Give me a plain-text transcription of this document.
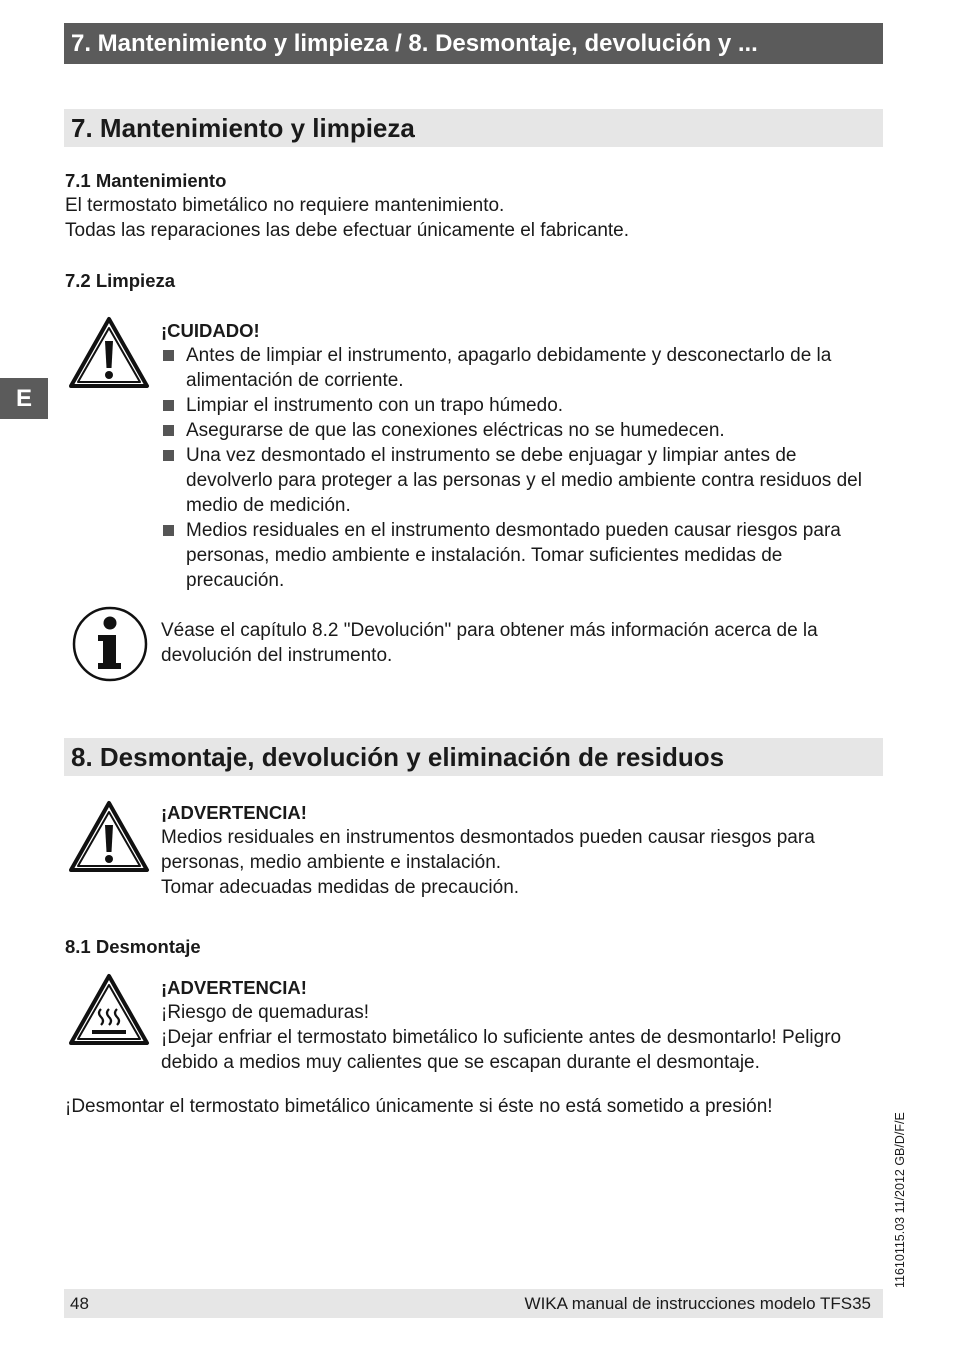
7. Mantenimiento y limpieza / 8. Desmontaje, devolución y ...
E
7. Mantenimiento y limpieza
7.1 Mantenimiento
El termostato bimetálico no requiere mantenimiento.
Todas las reparaciones las debe efectuar únicamente el fabricante.
7.2 Limpieza
¡CUIDADO!
Antes de limpiar el instrumento, apagarlo debidamente y desconectarlo de la alimentación de corriente.
Limpiar el instrumento con un trapo húmedo.
Asegurarse de que las conexiones eléctricas no se humedecen.
Una vez desmontado el instrumento se debe enjuagar y limpiar antes de devolverlo para proteger a las personas y el medio ambiente contra residuos del medio de medición.
Medios residuales en el instrumento desmontado pueden causar riesgos para personas, medio ambiente e instalación. Tomar suficientes medidas de precaución.
Véase el capítulo 8.2 "Devolución" para obtener más información acerca de la devolución del instrumento.
8. Desmontaje, devolución y eliminación de residuos
¡ADVERTENCIA!
Medios residuales en instrumentos desmontados pueden causar riesgos para
personas, medio ambiente e instalación.
Tomar adecuadas medidas de precaución.
8.1 Desmontaje
¡ADVERTENCIA!
¡Riesgo de quemaduras!
¡Dejar enfriar el termostato bimetálico lo suficiente antes de desmontarlo! Peligro
debido a medios muy calientes que se escapan durante el desmontaje.
¡Desmontar el termostato bimetálico únicamente si éste no está sometido a presión!
11610115.03 11/2012 GB/D/F/E
48	WIKA manual de instrucciones modelo TFS35
